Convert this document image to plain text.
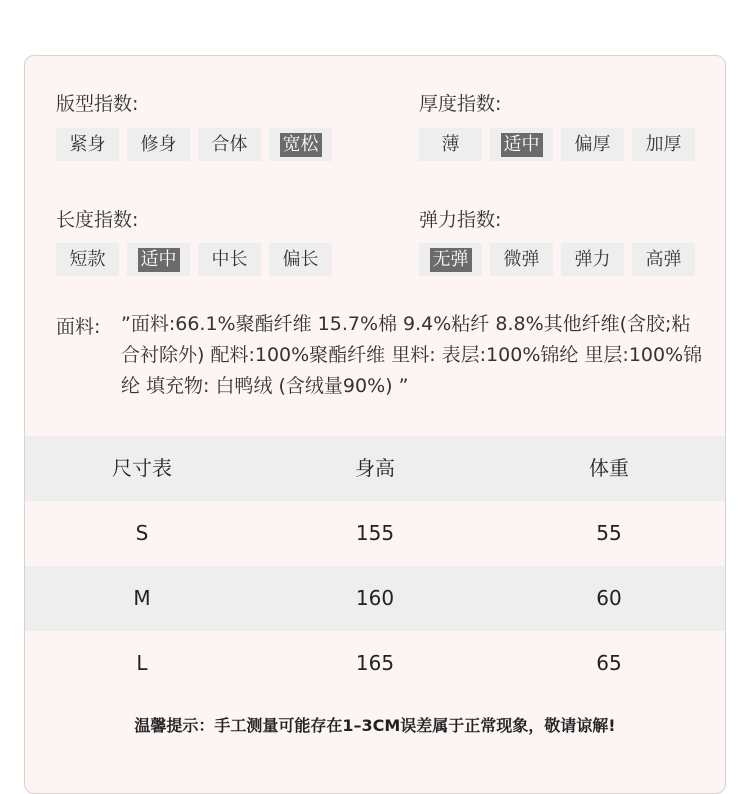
版型指数:
紧身	修身	合体	宽松
厚度指数:
薄	适中	偏厚	加厚
长度指数:
短款	适中	中长	偏长
弹力指数:
无弹	微弹	弹力	高弹
面料: ”面料:66.1%聚酯纤维 15.7%棉 9.4%粘纤 8.8%其他纤维(含胶;粘合衬除外) 配料:100%聚酯纤维 里料: 表层:100%锦纶 里层:100%锦纶 填充物: 白鸭绒 (含绒量90%) ”
尺寸表	身高	体重
S	155	55
M	160	60
L	165	65
温馨提示：手工测量可能存在1–3CM误差属于正常现象，敬请谅解!
